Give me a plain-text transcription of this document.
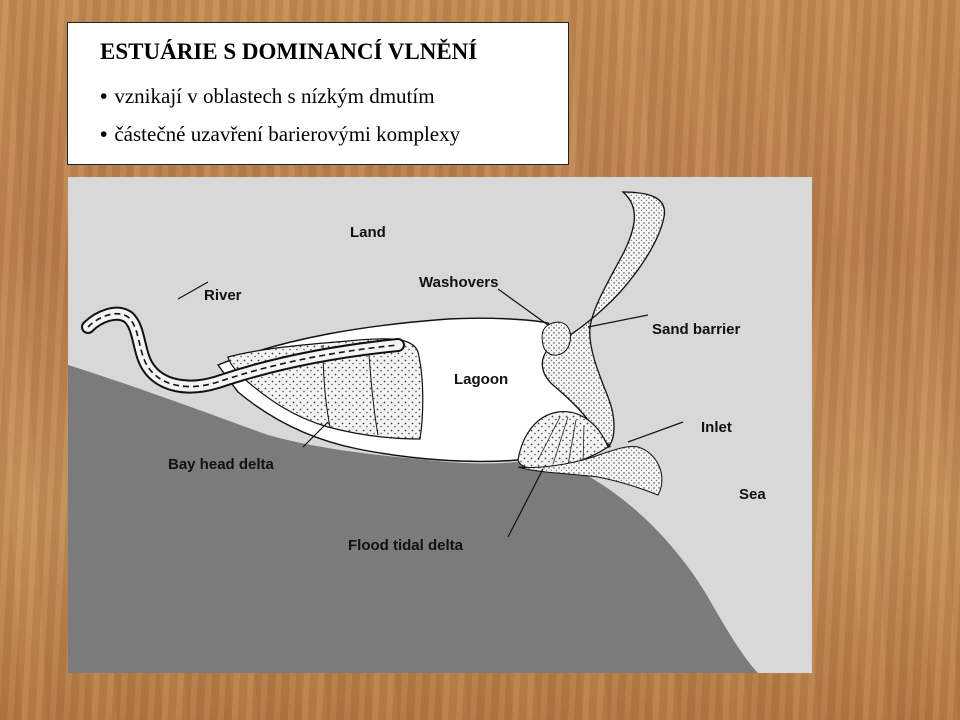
ESTUÁRIE S DOMINANCÍ VLNĚNÍ

• vznikají v oblastech s nízkým dmutím

• částečné uzavření barierovými komplexy

Land
River
Washovers
Sand barrier
Lagoon
Inlet
Bay head delta
Sea
Flood tidal delta
